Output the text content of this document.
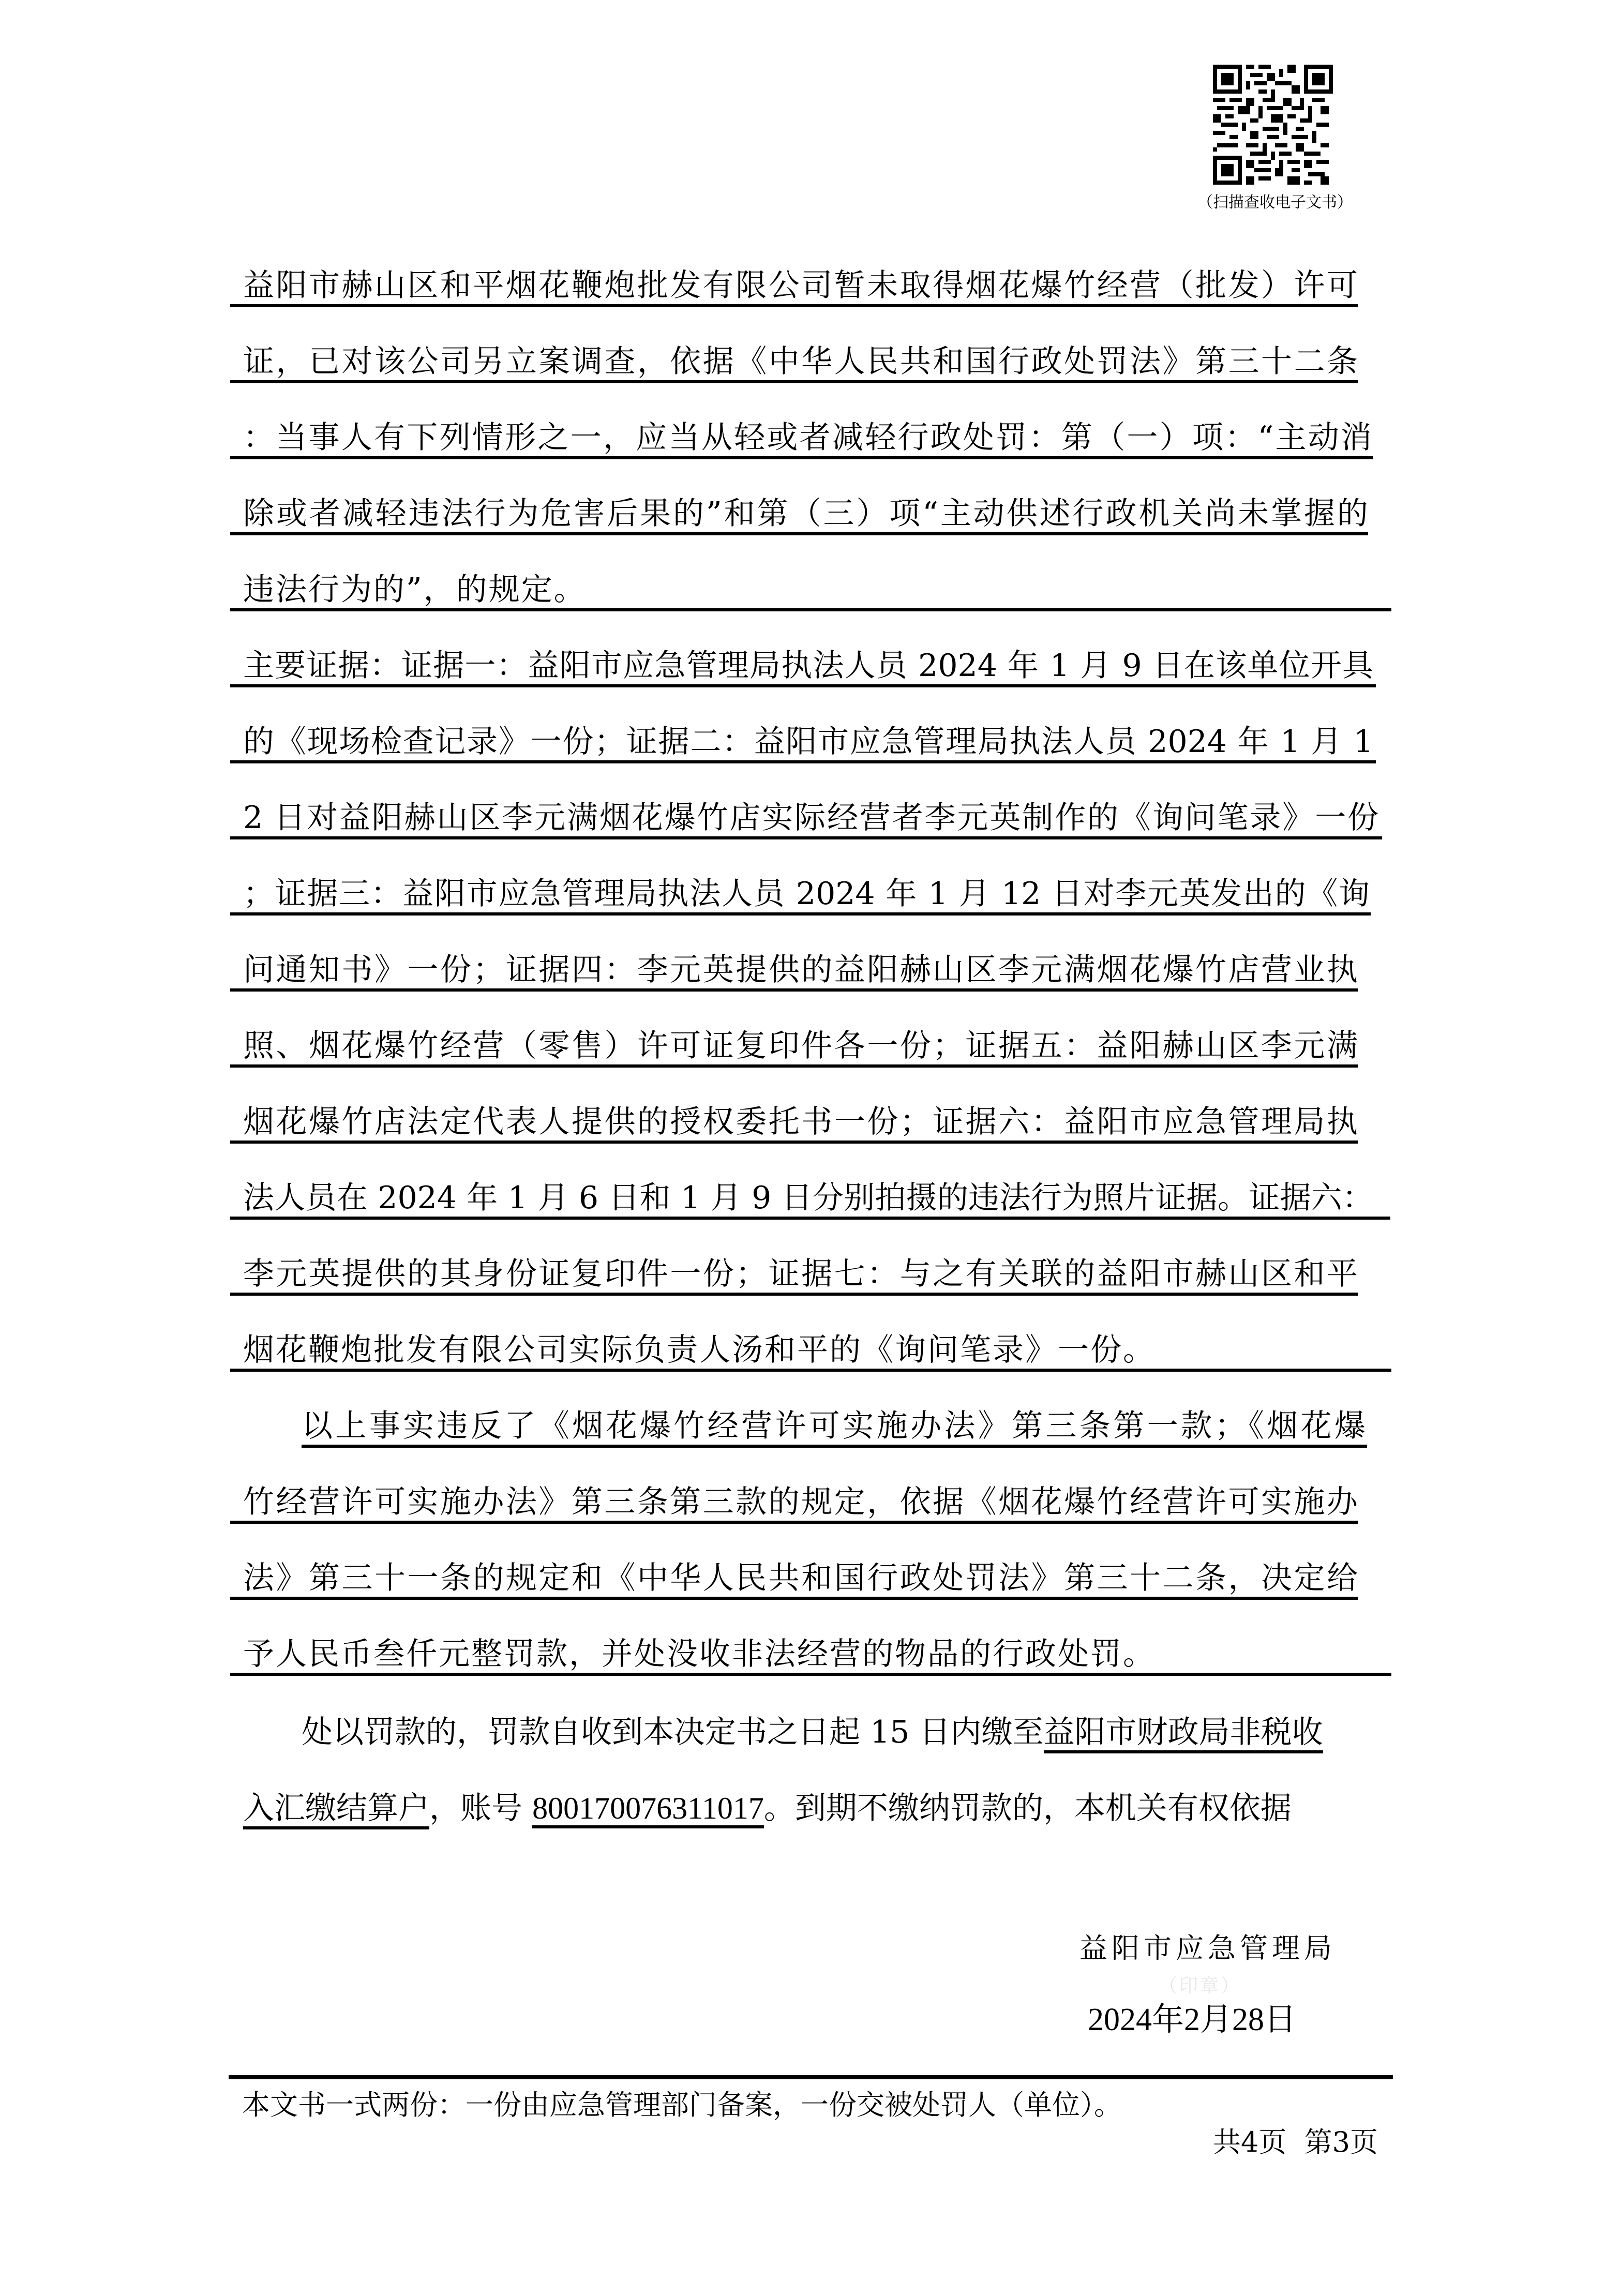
（扫描查收电子文书）
益阳市赫山区和平烟花鞭炮批发有限公司暂未取得烟花爆竹经营（批发）许可
证，已对该公司另立案调查，依据《中华人民共和国行政处罚法》第三十二条
：当事人有下列情形之一，应当从轻或者减轻行政处罚：第（一）项：“主动消
除或者减轻违法行为危害后果的”和第（三）项“主动供述行政机关尚未掌握的
违法行为的”，的规定。
主要证据：证据一：益阳市应急管理局执法人员 2024 年 1 月 9 日在该单位开具
的《现场检查记录》一份；证据二：益阳市应急管理局执法人员 2024 年 1 月 1
2 日对益阳赫山区李元满烟花爆竹店实际经营者李元英制作的《询问笔录》一份
；证据三：益阳市应急管理局执法人员 2024 年 1 月 12 日对李元英发出的《询
问通知书》一份；证据四：李元英提供的益阳赫山区李元满烟花爆竹店营业执
照、烟花爆竹经营（零售）许可证复印件各一份；证据五：益阳赫山区李元满
烟花爆竹店法定代表人提供的授权委托书一份；证据六：益阳市应急管理局执
法人员在 2024 年 1 月 6 日和 1 月 9 日分别拍摄的违法行为照片证据。证据六：
李元英提供的其身份证复印件一份；证据七：与之有关联的益阳市赫山区和平
烟花鞭炮批发有限公司实际负责人汤和平的《询问笔录》一份。
以上事实违反了《烟花爆竹经营许可实施办法》第三条第一款；《烟花爆
竹经营许可实施办法》第三条第三款的规定，依据《烟花爆竹经营许可实施办
法》第三十一条的规定和《中华人民共和国行政处罚法》第三十二条，决定给
予人民币叁仟元整罚款，并处没收非法经营的物品的行政处罚。
处以罚款的，罚款自收到本决定书之日起 15 日内缴至益阳市财政局非税收
入汇缴结算户，账号 800170076311017。到期不缴纳罚款的，本机关有权依据
益阳市应急管理局
（印章）
2024年2月28日
本文书一式两份：一份由应急管理部门备案，一份交被处罚人（单位）。
共4页  第3页
